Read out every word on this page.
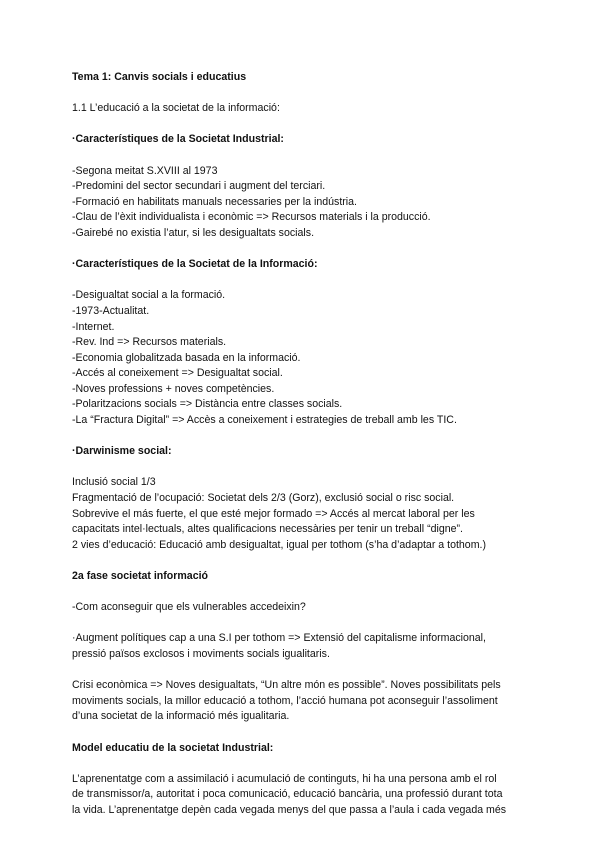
Tema 1: Canvis socials i educatius
1.1 L’educació a la societat de la informació:
·Característiques de la Societat Industrial:
-Segona meitat S.XVIII al 1973
-Predomini del sector secundari i augment del terciari.
-Formació en habilitats manuals necessaries per la indústria.
-Clau de l’èxit individualista i econòmic => Recursos materials i la producció.
-Gairebé no existia l’atur, si les desigualtats socials.
·Característiques de la Societat de la Informació:
-Desigualtat social a la formació.
-1973-Actualitat.
-Internet.
-Rev. Ind => Recursos materials.
-Economia globalitzada basada en la informació.
-Accés al coneixement => Desigualtat social.
-Noves professions + noves competències.
-Polaritzacions socials => Distància entre classes socials.
-La “Fractura Digital” => Accès a coneixement i estrategies de treball amb les TIC.
·Darwinisme social:
Inclusió social 1/3
Fragmentació de l’ocupació: Societat dels 2/3 (Gorz), exclusió social o risc social.
Sobrevive el más fuerte, el que esté mejor formado => Accés al mercat laboral per les
capacitats intel·lectuals, altes qualificacions necessàries per tenir un treball “digne”.
2 vies d’educació: Educació amb desigualtat, igual per tothom (s’ha d’adaptar a tothom.)
2a fase societat informació
-Com aconseguir que els vulnerables accedeixin?
·Augment polítiques cap a una S.I per tothom => Extensió del capitalisme informacional,
pressió països exclosos i moviments socials igualitaris.
Crisi econòmica => Noves desigualtats, “Un altre món es possible”. Noves possibilitats pels
moviments socials, la millor educació a tothom, l’acció humana pot aconseguir l’assoliment
d’una societat de la informació més igualitaria.
Model educatiu de la societat Industrial:
L’aprenentatge com a assimilació i acumulació de continguts, hi ha una persona amb el rol
de transmissor/a, autoritat i poca comunicació, educació bancària, una professió durant tota
la vida. L’aprenentatge depèn cada vegada menys del que passa a l’aula i cada vegada més
